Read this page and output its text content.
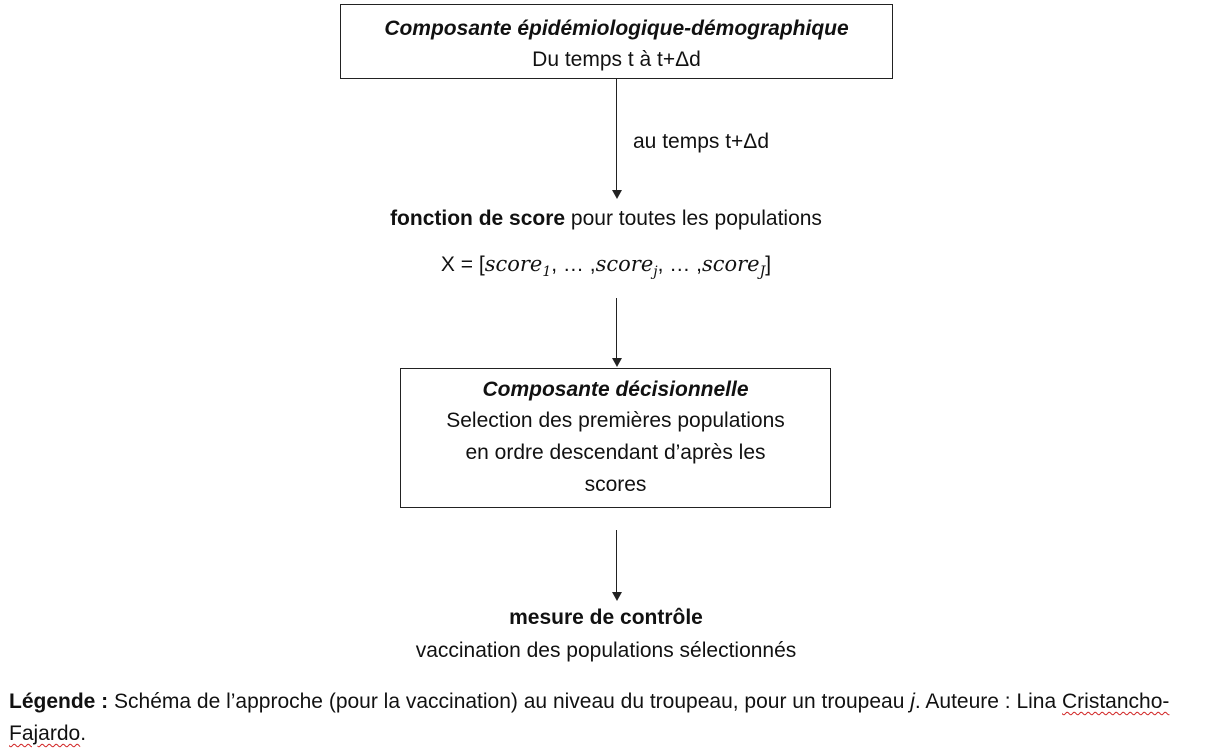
Composante épidémiologique-démographique
Du temps t à t+Δd
au temps t+Δd
fonction de score pour toutes les populations
X = [score$_1$, … ,score$_j$, … ,score$_J$]
Composante décisionnelle
Selection des premières populations
en ordre descendant d’après les
scores
mesure de contrôle
vaccination des populations sélectionnés
Légende : Schéma de l’approche (pour la vaccination) au niveau du troupeau, pour un troupeau j. Auteure : Lina Cristancho-Fajardo.
